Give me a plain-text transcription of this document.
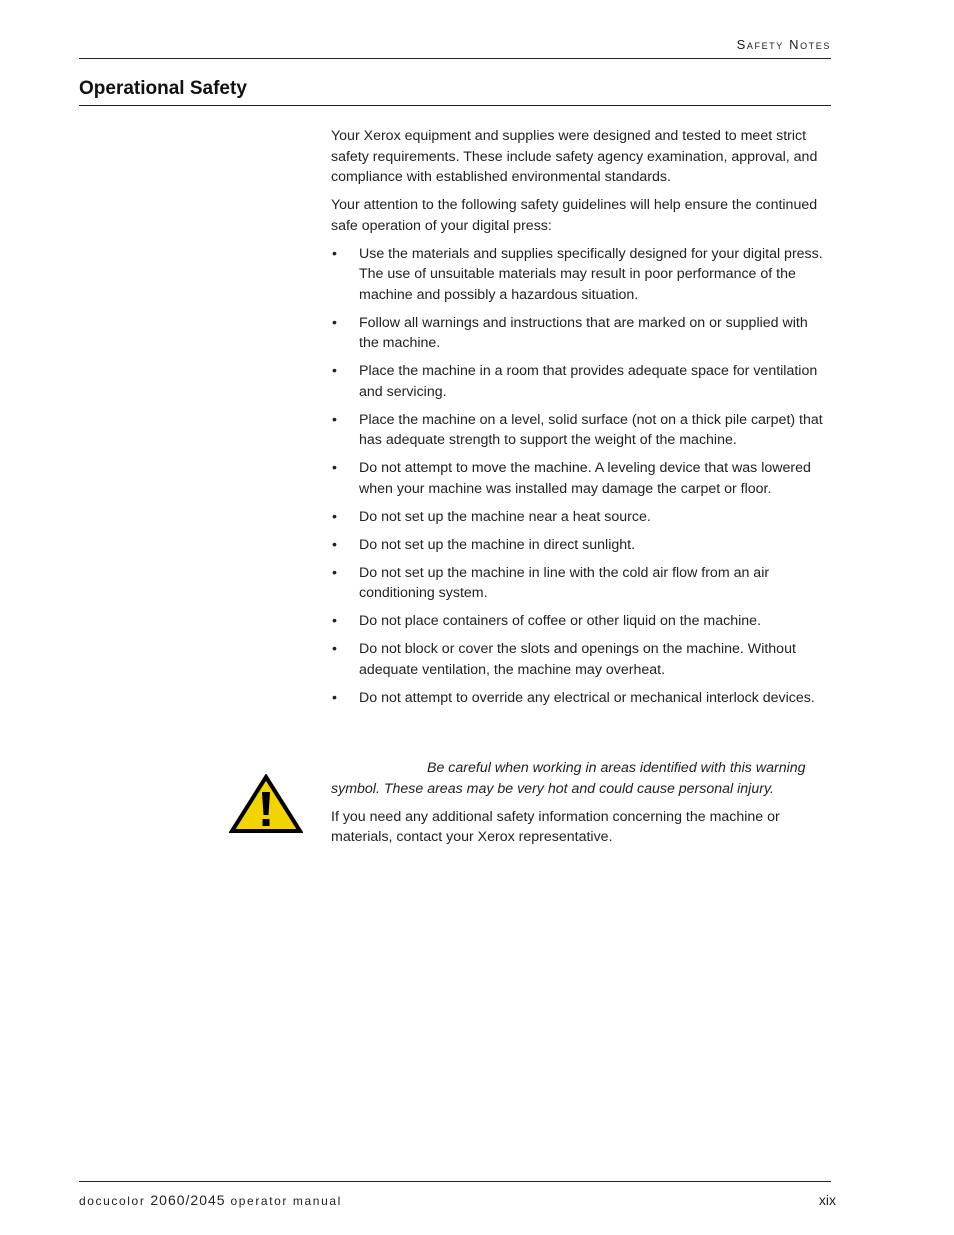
Safety Notes
Operational Safety

Your Xerox equipment and supplies were designed and tested to meet strict safety requirements. These include safety agency examination, approval, and compliance with established environmental standards.

Your attention to the following safety guidelines will help ensure the continued safe operation of your digital press:

• Use the materials and supplies specifically designed for your digital press. The use of unsuitable materials may result in poor performance of the machine and possibly a hazardous situation.
• Follow all warnings and instructions that are marked on or supplied with the machine.
• Place the machine in a room that provides adequate space for ventilation and servicing.
• Place the machine on a level, solid surface (not on a thick pile carpet) that has adequate strength to support the weight of the machine.
• Do not attempt to move the machine. A leveling device that was lowered when your machine was installed may damage the carpet or floor.
• Do not set up the machine near a heat source.
• Do not set up the machine in direct sunlight.
• Do not set up the machine in line with the cold air flow from an air conditioning system.
• Do not place containers of coffee or other liquid on the machine.
• Do not block or cover the slots and openings on the machine. Without adequate ventilation, the machine may overheat.
• Do not attempt to override any electrical or mechanical interlock devices.

Be careful when working in areas identified with this warning symbol. These areas may be very hot and could cause personal injury.

If you need any additional safety information concerning the machine or materials, contact your Xerox representative.

docucolor 2060/2045 operator manual	xix
